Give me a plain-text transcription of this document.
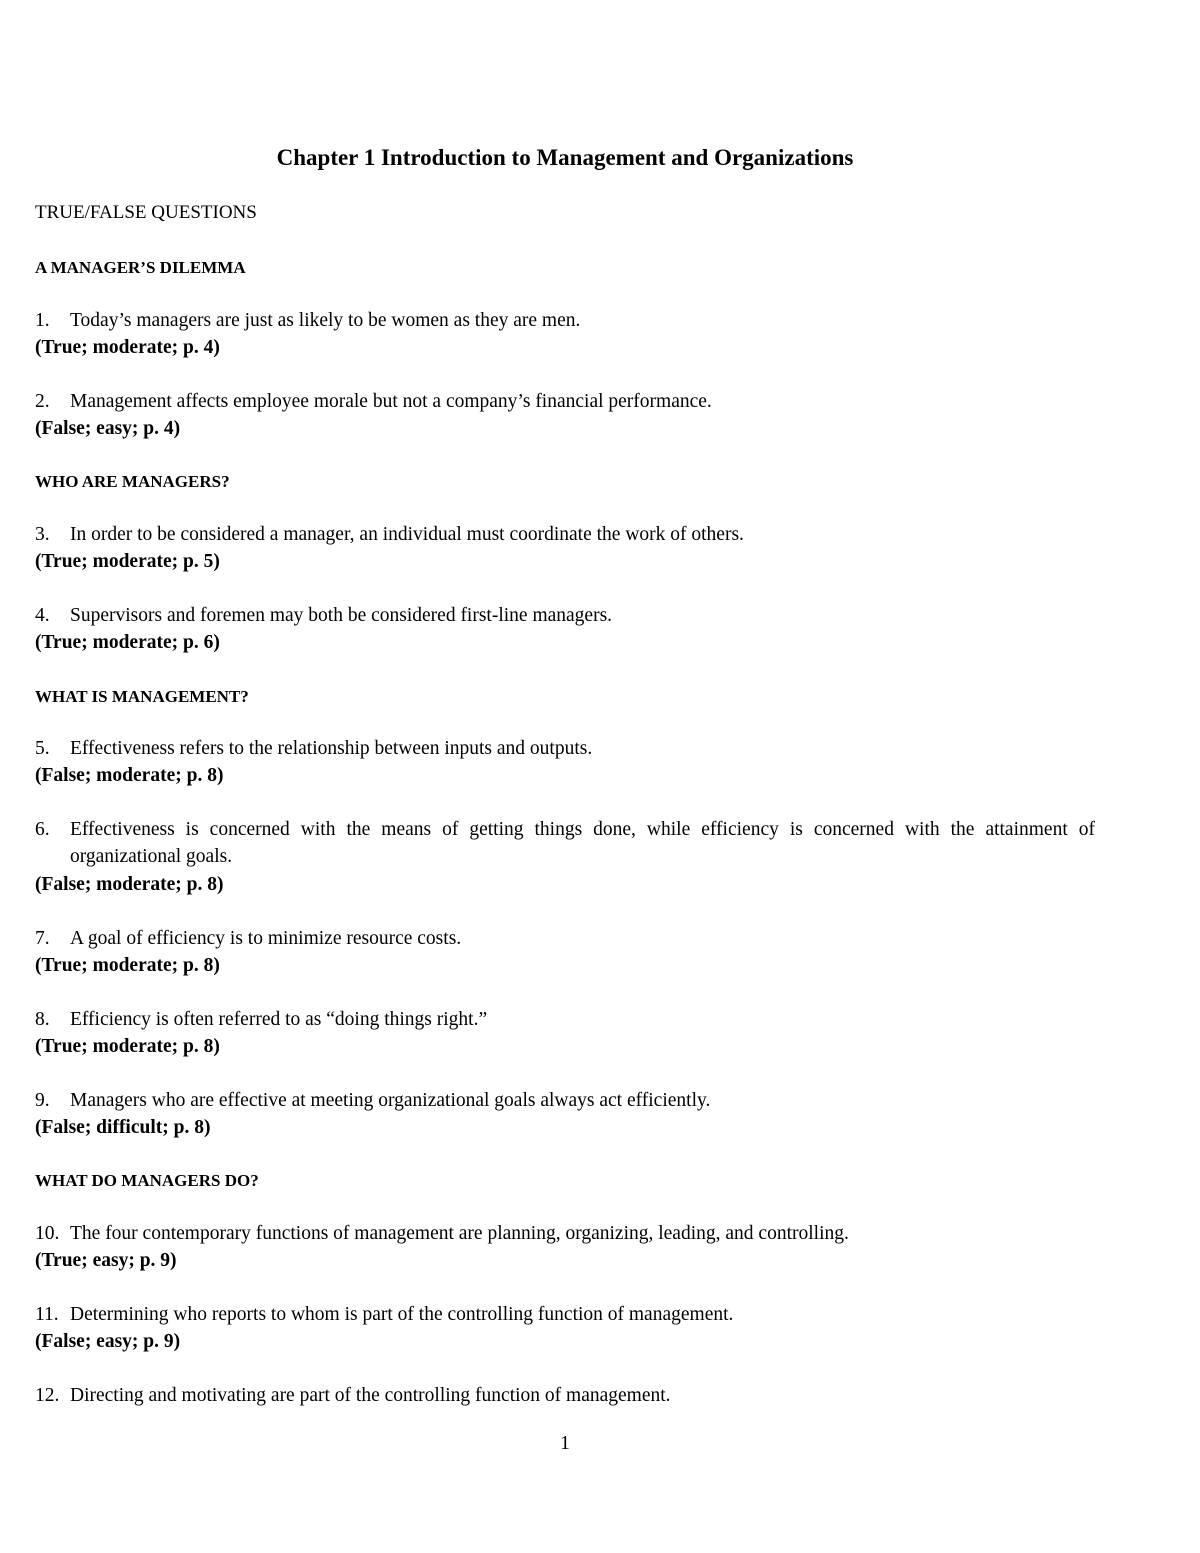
Chapter 1 Introduction to Management and Organizations
TRUE/FALSE QUESTIONS
A MANAGER’S DILEMMA
1. Today’s managers are just as likely to be women as they are men.
(True; moderate; p. 4)
2. Management affects employee morale but not a company’s financial performance.
(False; easy; p. 4)
WHO ARE MANAGERS?
3. In order to be considered a manager, an individual must coordinate the work of others.
(True; moderate; p. 5)
4. Supervisors and foremen may both be considered first-line managers.
(True; moderate; p. 6)
WHAT IS MANAGEMENT?
5. Effectiveness refers to the relationship between inputs and outputs.
(False; moderate; p. 8)
6.	Effectiveness is concerned with the means of getting things done, while efficiency is concerned with the attainment of organizational goals.
(False; moderate; p. 8)
7. A goal of efficiency is to minimize resource costs.
(True; moderate; p. 8)
8. Efficiency is often referred to as “doing things right.”
(True; moderate; p. 8)
9. Managers who are effective at meeting organizational goals always act efficiently.
(False; difficult; p. 8)
WHAT DO MANAGERS DO?
10. The four contemporary functions of management are planning, organizing, leading, and controlling.
(True; easy; p. 9)
11. Determining who reports to whom is part of the controlling function of management.
(False; easy; p. 9)
12. Directing and motivating are part of the controlling function of management.
1
